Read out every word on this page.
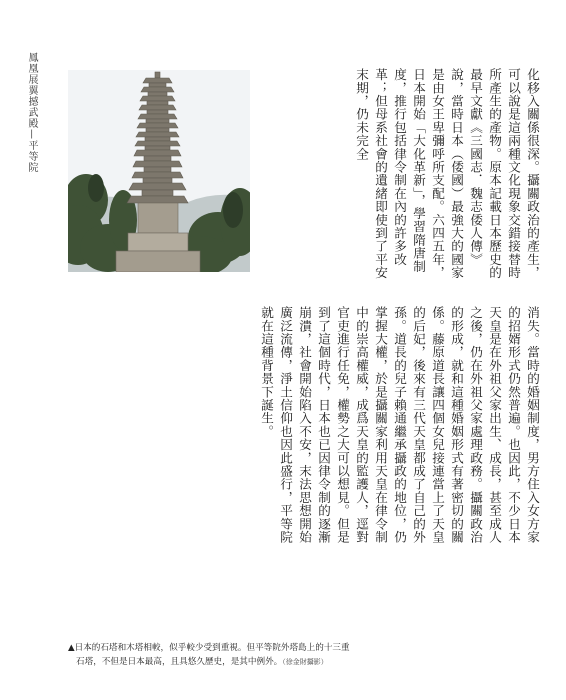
鳳凰展翼撼武殿—平等院	化移入關係很深。攝關政治的產生，可以說是這兩種文化現象交錯接替時所產生的產物。原本記載日本歷史的最早文獻《三國志．魏志倭人傳》說，當時日本（倭國）最強大的國家是由女王卑彌呼所支配。六四五年，日本開始「大化革新」，學習隋唐制度，推行包括律令制在內的許多改革；但母系社會的遺緒即使到了平安末期，仍未完全

消失。當時的婚姻制度，男方住入女方家的招婿形式仍然普遍。也因此，不少日本天皇是在外祖父家出生、成長，甚至成人之後，仍在外祖父家處理政務。攝關政治的形成，就和這種婚姻形式有著密切的關係。藤原道長讓四個女兒接連當上了天皇的后妃，後來有三代天皇都成了自己的外孫。道長的兒子賴通繼承攝政的地位，仍掌握大權，於是攝關家利用天皇在律令制中的崇高權威，成爲天皇的監護人，逕對官吏進行任免，權勢之大可以想見。但是到了這個時代，日本也已因律令制的逐漸崩潰，社會開始陷入不安，末法思想開始廣泛流傳，淨土信仰也因此盛行，平等院就在這種背景下誕生。

▲日本的石塔和木塔相較，似乎較少受到重視。但平等院外塔島上的十三重
石塔，不但是日本最高，且具悠久歷史，是其中例外。（徐金財攝影）
